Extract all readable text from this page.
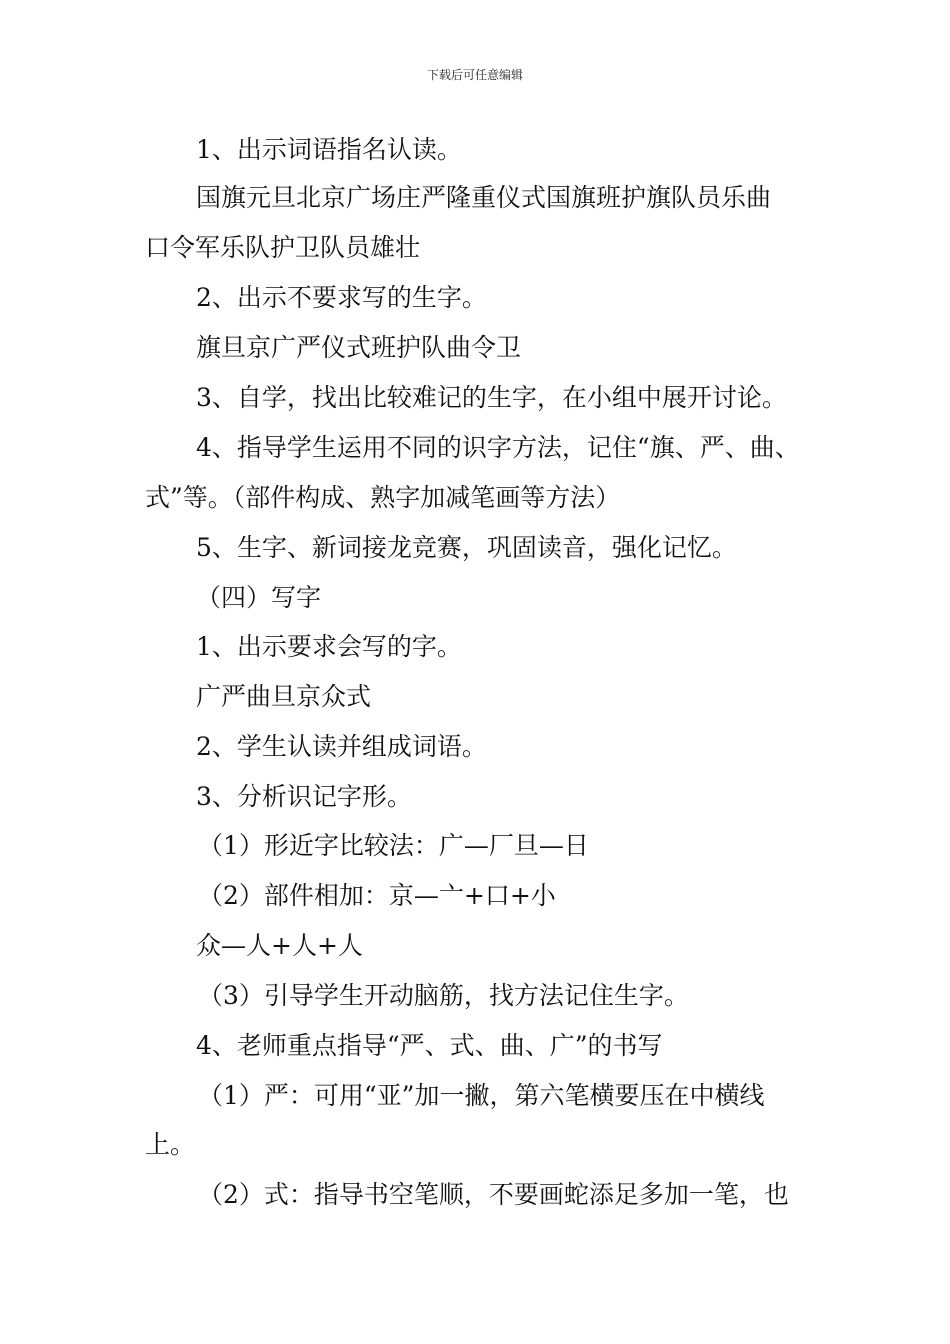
下载后可任意编辑
1、出示词语指名认读。
国旗元旦北京广场庄严隆重仪式国旗班护旗队员乐曲
口令军乐队护卫队员雄壮
2、出示不要求写的生字。
旗旦京广严仪式班护队曲令卫
3、自学，找出比较难记的生字，在小组中展开讨论。
4、指导学生运用不同的识字方法，记住“旗、严、曲、
式”等。（部件构成、熟字加减笔画等方法）
5、生字、新词接龙竞赛，巩固读音，强化记忆。
（四）写字
1、出示要求会写的字。
广严曲旦京众式
2、学生认读并组成词语。
3、分析识记字形。
（1）形近字比较法：广—厂旦—日
（2）部件相加：京—亠+口+小
众—人+人+人
（3）引导学生开动脑筋，找方法记住生字。
4、老师重点指导“严、式、曲、广”的书写
（1）严：可用“亚”加一撇，第六笔横要压在中横线
上。
（2）式：指导书空笔顺，不要画蛇添足多加一笔，也
